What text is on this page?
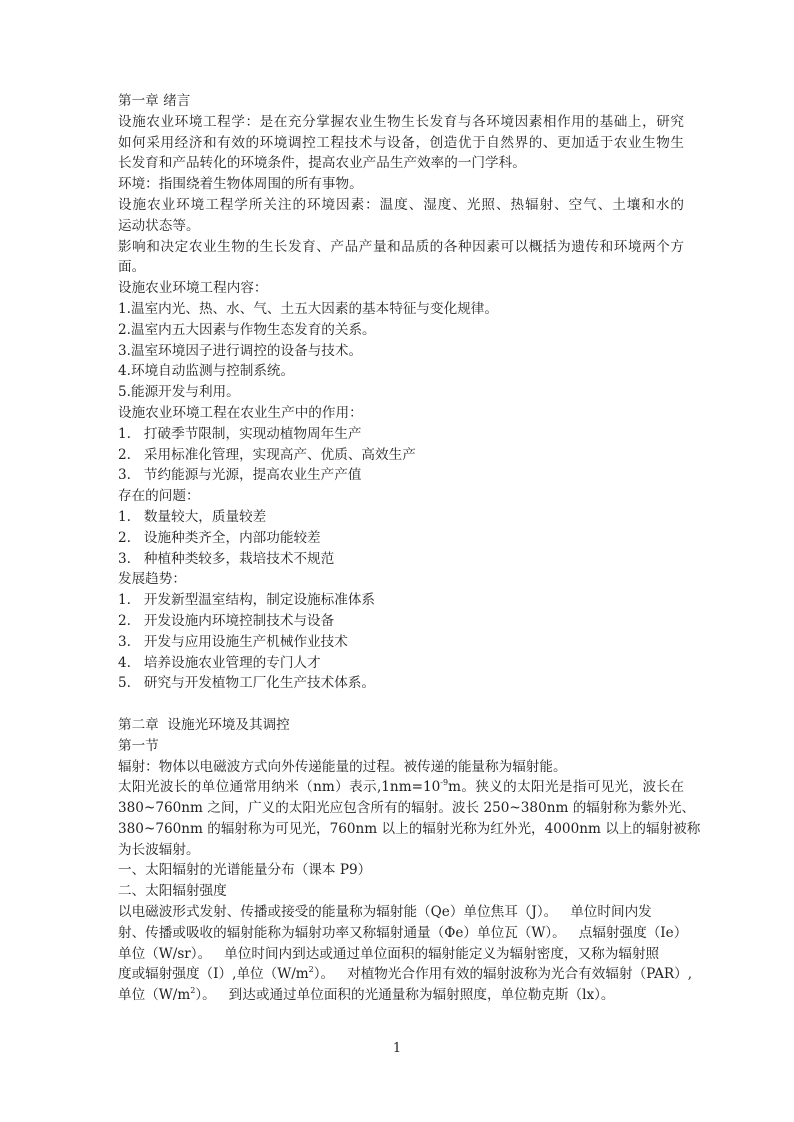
第一章 绪言
设施农业环境工程学：是在充分掌握农业生物生长发育与各环境因素相作用的基础上，研究
如何采用经济和有效的环境调控工程技术与设备，创造优于自然界的、更加适于农业生物生
长发育和产品转化的环境条件，提高农业产品生产效率的一门学科。
环境：指围绕着生物体周围的所有事物。
设施农业环境工程学所关注的环境因素：温度、湿度、光照、热辐射、空气、土壤和水的
运动状态等。
影响和决定农业生物的生长发育、产品产量和品质的各种因素可以概括为遗传和环境两个方
面。
设施农业环境工程内容：
1.温室内光、热、水、气、土五大因素的基本特征与变化规律。
2.温室内五大因素与作物生态发育的关系。
3.温室环境因子进行调控的设备与技术。
4.环境自动监测与控制系统。
5.能源开发与利用。
设施农业环境工程在农业生产中的作用：
1.   打破季节限制，实现动植物周年生产
2.   采用标准化管理，实现高产、优质、高效生产
3.   节约能源与光源，提高农业生产产值
存在的问题：
1.   数量较大，质量较差
2.   设施种类齐全，内部功能较差
3.   种植种类较多，栽培技术不规范
发展趋势：
1.   开发新型温室结构，制定设施标准体系
2.   开发设施内环境控制技术与设备
3.   开发与应用设施生产机械作业技术
4.   培养设施农业管理的专门人才
5.   研究与开发植物工厂化生产技术体系。
第二章  设施光环境及其调控
第一节
辐射：物体以电磁波方式向外传递能量的过程。被传递的能量称为辐射能。
太阳光波长的单位通常用纳米（nm）表示$,1nm=10^{-9}m$。狭义的太阳光是指可见光，波长在
380~760nm 之间，广义的太阳光应包含所有的辐射。波长 250~380nm 的辐射称为紫外光、
380~760nm 的辐射称为可见光，760nm 以上的辐射光称为红外光，4000nm 以上的辐射被称
为长波辐射。
一、太阳辐射的光谱能量分布（课本 P9）
二、太阳辐射强度
以电磁波形式发射、传播或接受的能量称为辐射能（Qe）单位焦耳（J）。   单位时间内发
射、传播或吸收的辐射能称为辐射功率又称辐射通量（Φe）单位瓦（W）。   点辐射强度（Ie）
单位（W/sr）。   单位时间内到达或通过单位面积的辐射能定义为辐射密度，又称为辐射照
度或辐射强度（I）,单位$(W/m^2)$。   对植物光合作用有效的辐射波称为光合有效辐射（PAR）,
单位$(W/m^2)$。   到达或通过单位面积的光通量称为辐射照度，单位勒克斯（lx）。
1
